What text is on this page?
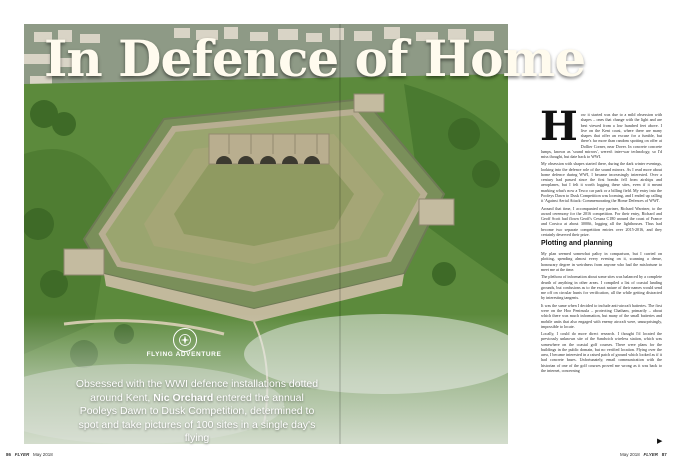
In Defence of Home
FLYING ADVENTURE

Obsessed with the WWI defence installations dotted around Kent, Nic Orchard entered the annual Pooleys Dawn to Dusk Competition, determined to spot and take pictures of 100 sites in a single day's flying

H ow it started was due to a mild obsession with shapes – ones that change with the light and are best viewed from a low hundred feet above. I live on the Kent coast, where there are many shapes that offer an excuse for a fumble, but there's far more than random spotting on offer at Dollier Corner, near Dover. In concrete concrete lumps, known as 'sound mirrors', weren't inter-war technology, so I'd miss thought, but date back to WWI.

My obsession with shapes started there, during the dark winter evenings, looking into the defence role of the sound mirrors. As I read more about home defence during WWI, I became increasingly interested. Over a century had passed since the first bombs fell from airships and aeroplanes, but I felt it worth logging these sites, even if it meant marking what's now a Tesco car park or a billing field. My entry into the Pooleys Dawn to Dusk Competition was looming, and I ended up calling it 'Against Aerial Attack: Commemorating the Home Defences of WWI'.

Around that time, I accompanied my partner, Richard Warriner, to the award ceremony for the 2016 competition. For their entry, Richard and Geoff Scott had flown Geoff's Cessna C180 around the coast of France and Corsica at about 3000ft, logging all the lighthouses. Thus had become two separate competition entries over 2015-2016, and they certainly deserved their prize.

Plotting and planning

My plan seemed somewhat paltry in comparison, but I carried on plotting, spending almost every evening on it, scanning a dense, honourary degree in weirdness from anyone who had the misfortune to meet me at the time.

The plethora of information about some sites was balanced by a complete dearth of anything in other areas. I compiled a list of coastal landing grounds, but confusions as to the exact nature of their names would send me off on circular hunts for verification, all the while getting distracted by interesting tangents.

It was the same when I decided to include anti-aircraft batteries. The first were on the Hoo Peninsula – protecting Chatham, primarily – about which there was much information, but many of the small batteries and mobile units that also engaged with enemy aircraft were, unsurprisingly, impossible to locate.

Locally, I could do more direct research. I thought I'd located the previously unknown site of the Sandwich wireless station, which was somewhere on the coastal golf courses. There were plans for the buildings in the public domain, but no verified location. Flying over the area, I became interested in a raised patch of ground which looked as if it had concrete bases. Unfortunately, email communication with the historian of one of the golf courses proved me wrong as it was back to the internet, concerning

86 FLYER May 2018	May 2018 FLYER 87
▶
